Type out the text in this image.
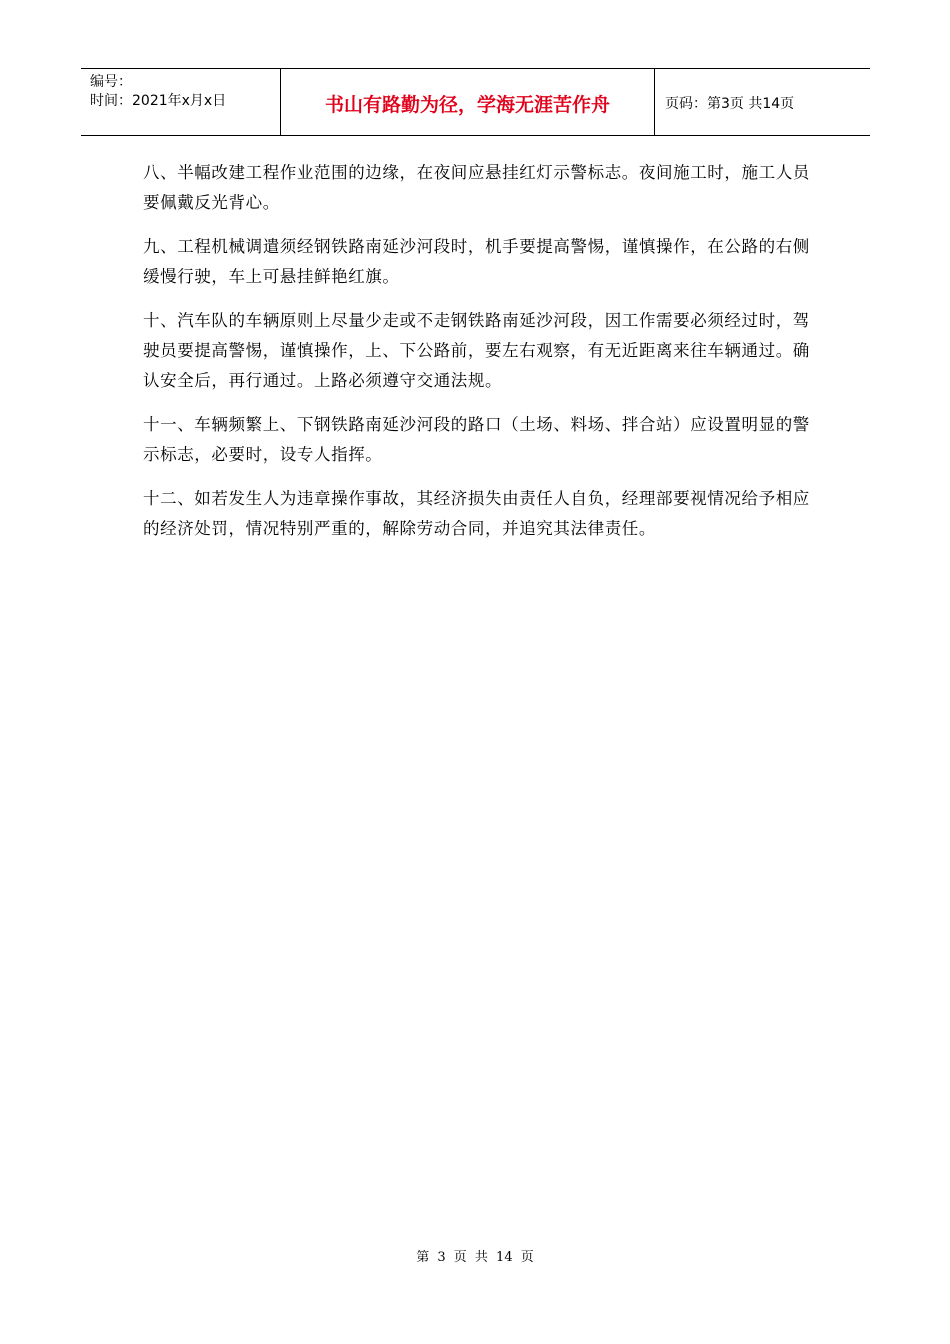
编号：
时间：2021年x月x日	书山有路勤为径，学海无涯苦作舟	页码：第3页 共14页

八、半幅改建工程作业范围的边缘，在夜间应悬挂红灯示警标志。夜间施工时，施工人员要佩戴反光背心。

九、工程机械调遣须经钢铁路南延沙河段时，机手要提高警惕，谨慎操作，在公路的右侧缓慢行驶，车上可悬挂鲜艳红旗。

十、汽车队的车辆原则上尽量少走或不走钢铁路南延沙河段，因工作需要必须经过时，驾驶员要提高警惕，谨慎操作，上、下公路前，要左右观察，有无近距离来往车辆通过。确认安全后，再行通过。上路必须遵守交通法规。

十一、车辆频繁上、下钢铁路南延沙河段的路口（土场、料场、拌合站）应设置明显的警示标志，必要时，设专人指挥。

十二、如若发生人为违章操作事故，其经济损失由责任人自负，经理部要视情况给予相应的经济处罚，情况特别严重的，解除劳动合同，并追究其法律责任。

第 3 页 共 14 页
